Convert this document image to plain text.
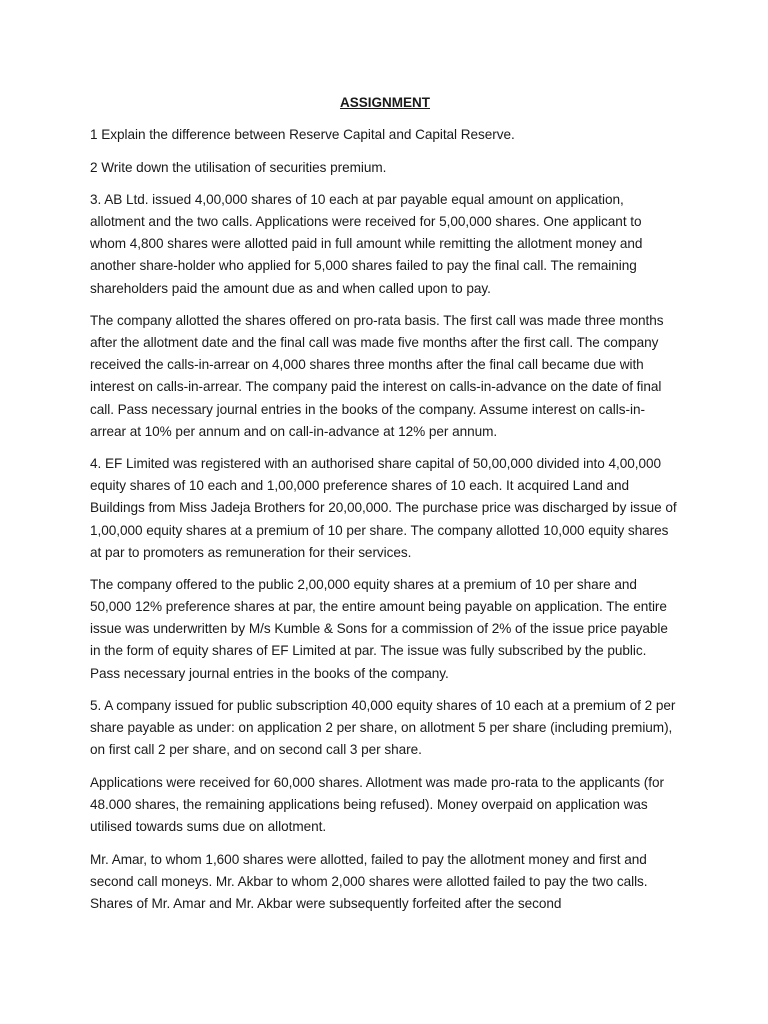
ASSIGNMENT

1 Explain the difference between Reserve Capital and Capital Reserve.

2 Write down the utilisation of securities premium.

3. AB Ltd. issued 4,00,000 shares of 10 each at par payable equal amount on application, allotment and the two calls. Applications were received for 5,00,000 shares. One applicant to whom 4,800 shares were allotted paid in full amount while remitting the allotment money and another share-holder who applied for 5,000 shares failed to pay the final call. The remaining shareholders paid the amount due as and when called upon to pay.

The company allotted the shares offered on pro-rata basis. The first call was made three months after the allotment date and the final call was made five months after the first call. The company received the calls-in-arrear on 4,000 shares three months after the final call became due with interest on calls-in-arrear. The company paid the interest on calls-in-advance on the date of final call. Pass necessary journal entries in the books of the company. Assume interest on calls-in-arrear at 10% per annum and on call-in-advance at 12% per annum.

4. EF Limited was registered with an authorised share capital of 50,00,000 divided into 4,00,000 equity shares of 10 each and 1,00,000 preference shares of 10 each. It acquired Land and Buildings from Miss Jadeja Brothers for 20,00,000. The purchase price was discharged by issue of 1,00,000 equity shares at a premium of 10 per share. The company allotted 10,000 equity shares at par to promoters as remuneration for their services.

The company offered to the public 2,00,000 equity shares at a premium of 10 per share and 50,000 12% preference shares at par, the entire amount being payable on application. The entire issue was underwritten by M/s Kumble & Sons for a commission of 2% of the issue price payable in the form of equity shares of EF Limited at par. The issue was fully subscribed by the public. Pass necessary journal entries in the books of the company.

5. A company issued for public subscription 40,000 equity shares of 10 each at a premium of 2 per share payable as under: on application 2 per share, on allotment 5 per share (including premium), on first call 2 per share, and on second call 3 per share.

Applications were received for 60,000 shares. Allotment was made pro-rata to the applicants (for 48.000 shares, the remaining applications being refused). Money overpaid on application was utilised towards sums due on allotment.

Mr. Amar, to whom 1,600 shares were allotted, failed to pay the allotment money and first and second call moneys. Mr. Akbar to whom 2,000 shares were allotted failed to pay the two calls. Shares of Mr. Amar and Mr. Akbar were subsequently forfeited after the second
